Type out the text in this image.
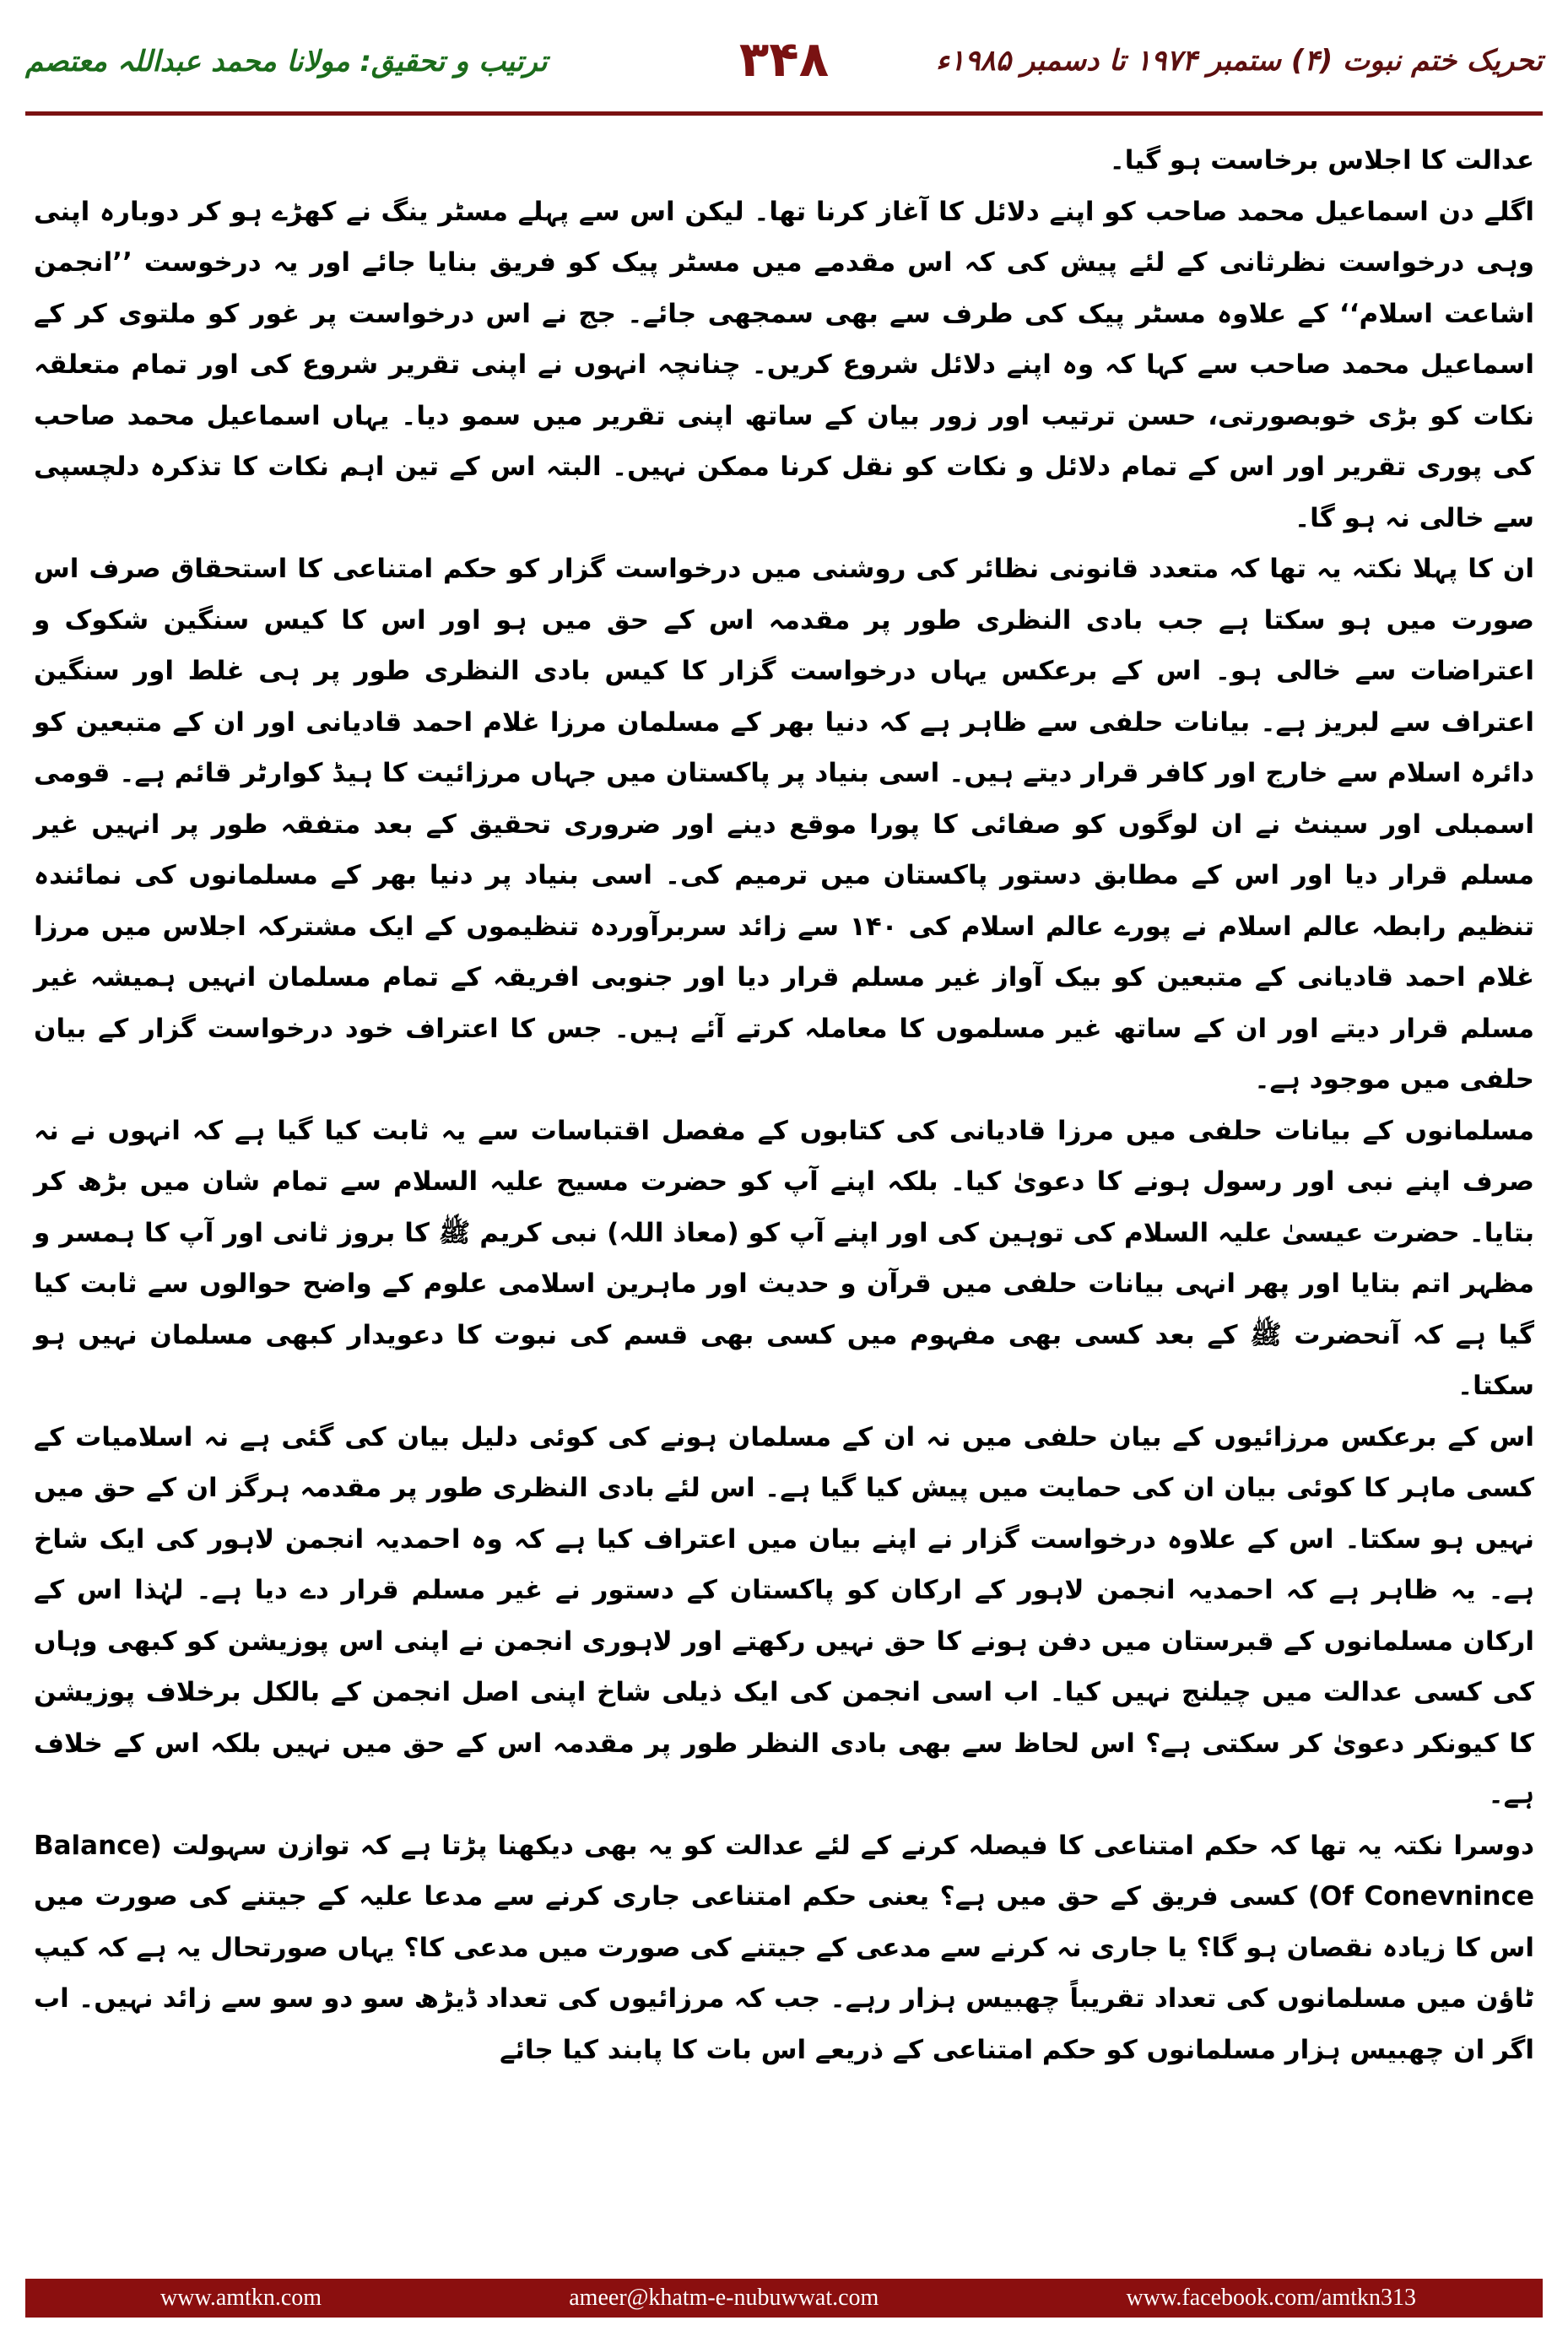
تحریک ختم نبوت (۴) ستمبر ۱۹۷۴ تا دسمبر ۱۹۸۵ء
۳۴۸
ترتیب و تحقیق: مولانا محمد عبداللہ معتصم

عدالت کا اجلاس برخاست ہو گیا۔

اگلے دن اسماعیل محمد صاحب کو اپنے دلائل کا آغاز کرنا تھا۔ لیکن اس سے پہلے مسٹر ینگ نے کھڑے ہو کر دوبارہ اپنی وہی درخواست نظرثانی کے لئے پیش کی کہ اس مقدمے میں مسٹر پیک کو فریق بنایا جائے اور یہ درخوست ’’انجمن اشاعت اسلام‘‘ کے علاوہ مسٹر پیک کی طرف سے بھی سمجھی جائے۔ جج نے اس درخواست پر غور کو ملتوی کر کے اسماعیل محمد صاحب سے کہا کہ وہ اپنے دلائل شروع کریں۔ چنانچہ انہوں نے اپنی تقریر شروع کی اور تمام متعلقہ نکات کو بڑی خوبصورتی، حسن ترتیب اور زور بیان کے ساتھ اپنی تقریر میں سمو دیا۔ یہاں اسماعیل محمد صاحب کی پوری تقریر اور اس کے تمام دلائل و نکات کو نقل کرنا ممکن نہیں۔ البتہ اس کے تین اہم نکات کا تذکرہ دلچسپی سے خالی نہ ہو گا۔

ان کا پہلا نکتہ یہ تھا کہ متعدد قانونی نظائر کی روشنی میں درخواست گزار کو حکم امتناعی کا استحقاق صرف اس صورت میں ہو سکتا ہے جب بادی النظری طور پر مقدمہ اس کے حق میں ہو اور اس کا کیس سنگین شکوک و اعتراضات سے خالی ہو۔ اس کے برعکس یہاں درخواست گزار کا کیس بادی النظری طور پر ہی غلط اور سنگین اعتراف سے لبریز ہے۔ بیانات حلفی سے ظاہر ہے کہ دنیا بھر کے مسلمان مرزا غلام احمد قادیانی اور ان کے متبعین کو دائرہ اسلام سے خارج اور کافر قرار دیتے ہیں۔ اسی بنیاد پر پاکستان میں جہاں مرزائیت کا ہیڈ کوارٹر قائم ہے۔ قومی اسمبلی اور سینٹ نے ان لوگوں کو صفائی کا پورا موقع دینے اور ضروری تحقیق کے بعد متفقہ طور پر انہیں غیر مسلم قرار دیا اور اس کے مطابق دستور پاکستان میں ترمیم کی۔ اسی بنیاد پر دنیا بھر کے مسلمانوں کی نمائندہ تنظیم رابطہ عالم اسلام نے پورے عالم اسلام کی ۱۴۰ سے زائد سربرآوردہ تنظیموں کے ایک مشترکہ اجلاس میں مرزا غلام احمد قادیانی کے متبعین کو بیک آواز غیر مسلم قرار دیا اور جنوبی افریقہ کے تمام مسلمان انہیں ہمیشہ غیر مسلم قرار دیتے اور ان کے ساتھ غیر مسلموں کا معاملہ کرتے آئے ہیں۔ جس کا اعتراف خود درخواست گزار کے بیان حلفی میں موجود ہے۔

مسلمانوں کے بیانات حلفی میں مرزا قادیانی کی کتابوں کے مفصل اقتباسات سے یہ ثابت کیا گیا ہے کہ انہوں نے نہ صرف اپنے نبی اور رسول ہونے کا دعویٰ کیا۔ بلکہ اپنے آپ کو حضرت مسیح علیہ السلام سے تمام شان میں بڑھ کر بتایا۔ حضرت عیسیٰ علیہ السلام کی توہین کی اور اپنے آپ کو (معاذ اللہ) نبی کریم ﷺ کا بروز ثانی اور آپ کا ہمسر و مظہر اتم بتایا اور پھر انہی بیانات حلفی میں قرآن و حدیث اور ماہرین اسلامی علوم کے واضح حوالوں سے ثابت کیا گیا ہے کہ آنحضرت ﷺ کے بعد کسی بھی مفہوم میں کسی بھی قسم کی نبوت کا دعویدار کبھی مسلمان نہیں ہو سکتا۔

اس کے برعکس مرزائیوں کے بیان حلفی میں نہ ان کے مسلمان ہونے کی کوئی دلیل بیان کی گئی ہے نہ اسلامیات کے کسی ماہر کا کوئی بیان ان کی حمایت میں پیش کیا گیا ہے۔ اس لئے بادی النظری طور پر مقدمہ ہرگز ان کے حق میں نہیں ہو سکتا۔ اس کے علاوہ درخواست گزار نے اپنے بیان میں اعتراف کیا ہے کہ وہ احمدیہ انجمن لاہور کی ایک شاخ ہے۔ یہ ظاہر ہے کہ احمدیہ انجمن لاہور کے ارکان کو پاکستان کے دستور نے غیر مسلم قرار دے دیا ہے۔ لہٰذا اس کے ارکان مسلمانوں کے قبرستان میں دفن ہونے کا حق نہیں رکھتے اور لاہوری انجمن نے اپنی اس پوزیشن کو کبھی وہاں کی کسی عدالت میں چیلنج نہیں کیا۔ اب اسی انجمن کی ایک ذیلی شاخ اپنی اصل انجمن کے بالکل برخلاف پوزیشن کا کیونکر دعویٰ کر سکتی ہے؟ اس لحاظ سے بھی بادی النظر طور پر مقدمہ اس کے حق میں نہیں بلکہ اس کے خلاف ہے۔

دوسرا نکتہ یہ تھا کہ حکم امتناعی کا فیصلہ کرنے کے لئے عدالت کو یہ بھی دیکھنا پڑتا ہے کہ توازن سہولت (Balance Of Conevnince) کسی فریق کے حق میں ہے؟ یعنی حکم امتناعی جاری کرنے سے مدعا علیہ کے جیتنے کی صورت میں اس کا زیادہ نقصان ہو گا؟ یا جاری نہ کرنے سے مدعی کے جیتنے کی صورت میں مدعی کا؟ یہاں صورتحال یہ ہے کہ کیپ ٹاؤن میں مسلمانوں کی تعداد تقریباً چھبیس ہزار رہے۔ جب کہ مرزائیوں کی تعداد ڈیڑھ سو دو سو سے زائد نہیں۔ اب اگر ان چھبیس ہزار مسلمانوں کو حکم امتناعی کے ذریعے اس بات کا پابند کیا جائے

www.amtkn.com	ameer@khatm-e-nubuwwat.com	www.facebook.com/amtkn313
